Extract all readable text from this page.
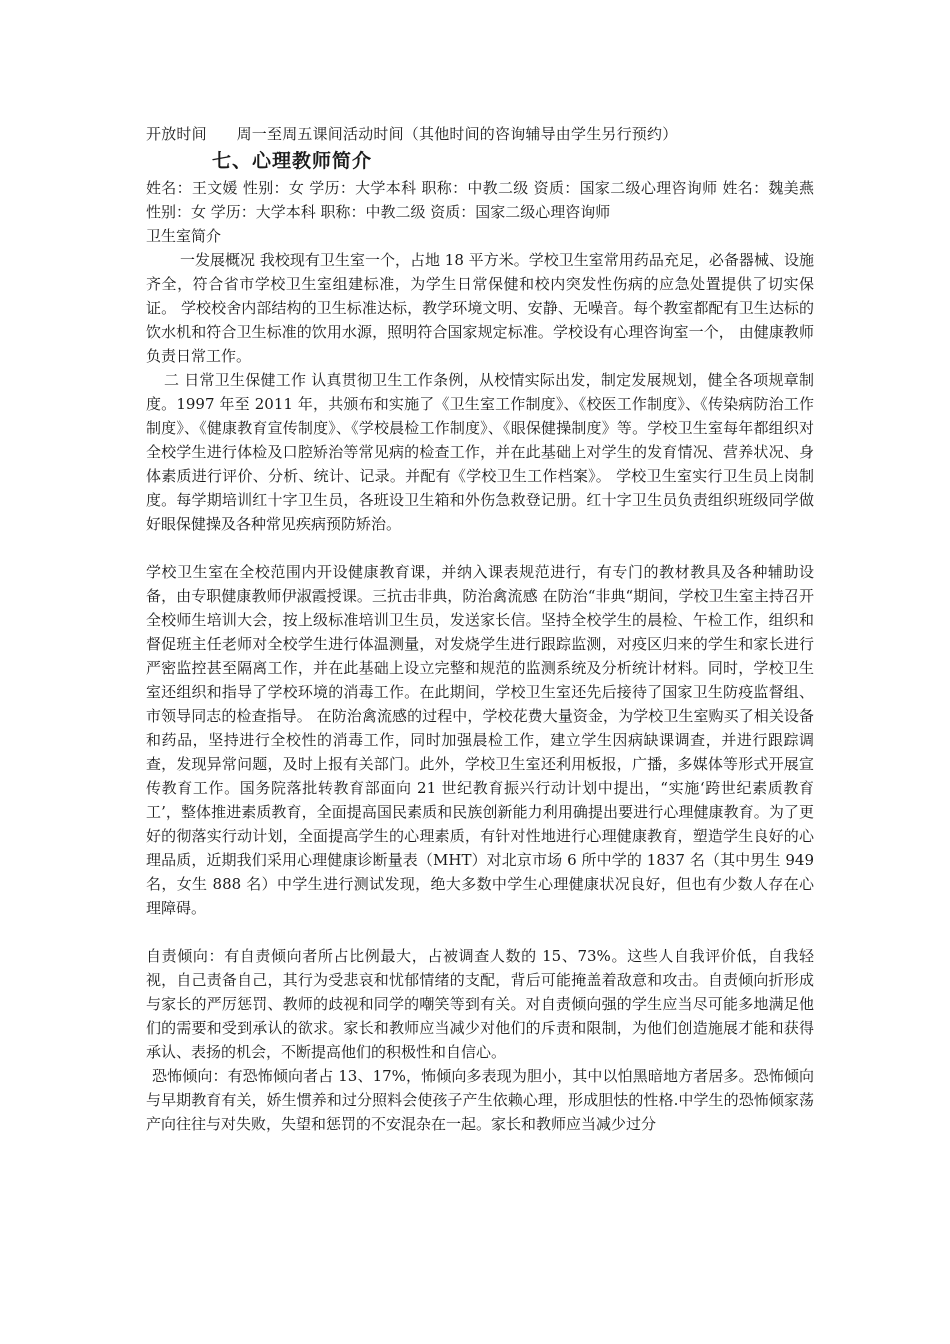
开放时间      周一至周五课间活动时间（其他时间的咨询辅导由学生另行预约）
七、心理教师简介
姓名：王文媛 性别：女 学历：大学本科 职称：中教二级 资质：国家二级心理咨询师 姓名：魏美燕 性别：女 学历：大学本科 职称：中教二级 资质：国家二级心理咨询师
卫生室简介
一发展概况 我校现有卫生室一个，占地 18 平方米。学校卫生室常用药品充足，必备器械、设施齐全，符合省市学校卫生室组建标准，为学生日常保健和校内突发性伤病的应急处置提供了切实保证。 学校校舍内部结构的卫生标准达标，教学环境文明、安静、无噪音。每个教室都配有卫生达标的饮水机和符合卫生标准的饮用水源，照明符合国家规定标准。学校设有心理咨询室一个， 由健康教师负责日常工作。
二 日常卫生保健工作 认真贯彻卫生工作条例，从校情实际出发，制定发展规划，健全各项规章制度。1997 年至 2011 年，共颁布和实施了《卫生室工作制度》、《校医工作制度》、《传染病防治工作制度》、《健康教育宣传制度》、《学校晨检工作制度》、《眼保健操制度》等。学校卫生室每年都组织对全校学生进行体检及口腔矫治等常见病的检查工作，并在此基础上对学生的发育情况、营养状况、身体素质进行评价、分析、统计、记录。并配有《学校卫生工作档案》。 学校卫生室实行卫生员上岗制度。每学期培训红十字卫生员，各班设卫生箱和外伤急救登记册。红十字卫生员负责组织班级同学做好眼保健操及各种常见疾病预防矫治。
学校卫生室在全校范围内开设健康教育课，并纳入课表规范进行，有专门的教材教具及各种辅助设备，由专职健康教师伊淑霞授课。三抗击非典，防治禽流感 在防治“非典“期间，学校卫生室主持召开全校师生培训大会，按上级标准培训卫生员，发送家长信。坚持全校学生的晨检、午检工作，组织和督促班主任老师对全校学生进行体温测量，对发烧学生进行跟踪监测，对疫区归来的学生和家长进行严密监控甚至隔离工作，并在此基础上设立完整和规范的监测系统及分析统计材料。同时，学校卫生室还组织和指导了学校环境的消毒工作。在此期间，学校卫生室还先后接待了国家卫生防疫监督组、市领导同志的检查指导。 在防治禽流感的过程中，学校花费大量资金，为学校卫生室购买了相关设备和药品，坚持进行全校性的消毒工作，同时加强晨检工作，建立学生因病缺课调查，并进行跟踪调查，发现异常问题，及时上报有关部门。此外，学校卫生室还利用板报，广播，多媒体等形式开展宣传教育工作。国务院落批转教育部面向 21 世纪教育振兴行动计划中提出，“实施‘跨世纪素质教育工’，整体推进素质教育，全面提高国民素质和民族创新能力利用确提出要进行心理健康教育。为了更好的彻落实行动计划，全面提高学生的心理素质，有针对性地进行心理健康教育，塑造学生良好的心理品质，近期我们采用心理健康诊断量表（MHT）对北京市场 6 所中学的 1837 名（其中男生 949 名，女生 888 名）中学生进行测试发现，绝大多数中学生心理健康状况良好，但也有少数人存在心理障碍。
自责倾向：有自责倾向者所占比例最大，占被调查人数的 15、73%。这些人自我评价低，自我轻视，自己责备自己，其行为受悲哀和忧郁情绪的支配，背后可能掩盖着敌意和攻击。自责倾向折形成与家长的严厉惩罚、教师的歧视和同学的嘲笑等到有关。对自责倾向强的学生应当尽可能多地满足他们的需要和受到承认的欲求。家长和教师应当减少对他们的斥责和限制，为他们创造施展才能和获得承认、表扬的机会，不断提高他们的积极性和自信心。
恐怖倾向：有恐怖倾向者占 13、17%，怖倾向多表现为胆小，其中以怕黑暗地方者居多。恐怖倾向与早期教育有关，娇生惯养和过分照料会使孩子产生依赖心理，形成胆怯的性格.中学生的恐怖倾家荡产向往往与对失败，失望和惩罚的不安混杂在一起。家长和教师应当减少过分
